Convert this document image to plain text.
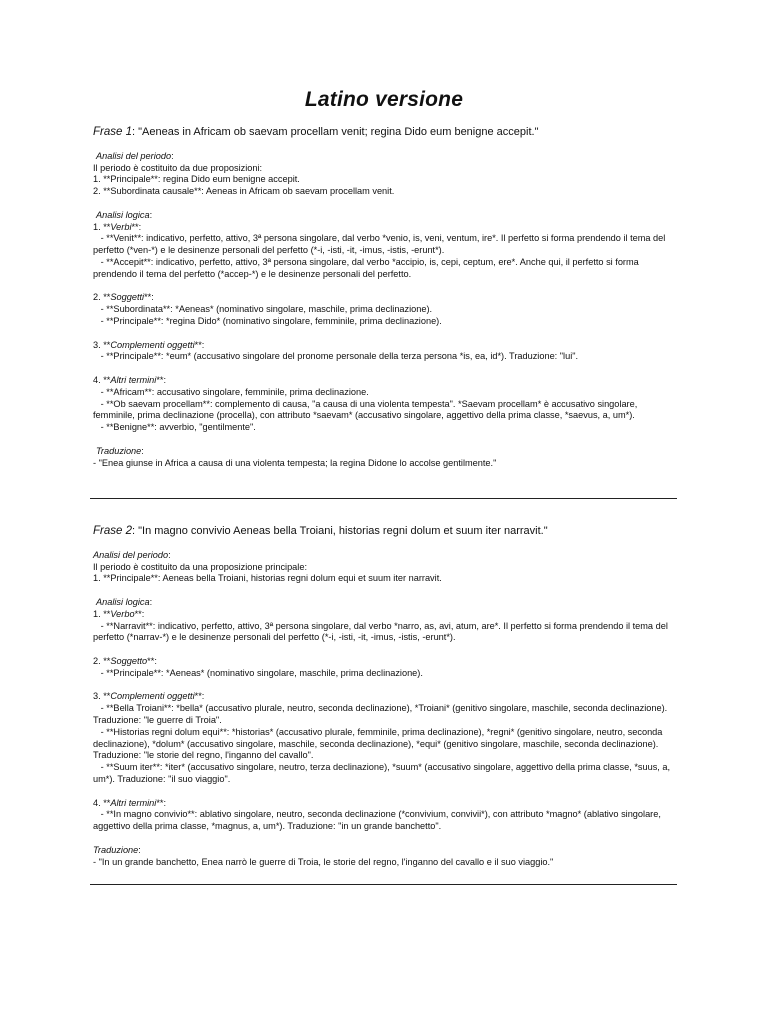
Latino versione
Frase 1: "Aeneas in Africam ob saevam procellam venit; regina Dido eum benigne accepit."
Analisi del periodo:
Il periodo è costituito da due proposizioni:
1. **Principale**: regina Dido eum benigne accepit.
2. **Subordinata causale**: Aeneas in Africam ob saevam procellam venit.
Analisi logica:
1. **Verbi**:
- **Venit**: indicativo, perfetto, attivo, 3ª persona singolare, dal verbo *venio, is, veni, ventum, ire*. Il perfetto si forma prendendo il tema del perfetto (*ven-*) e le desinenze personali del perfetto (*-i, -isti, -it, -imus, -istis, -erunt*).
- **Accepit**: indicativo, perfetto, attivo, 3ª persona singolare, dal verbo *accipio, is, cepi, ceptum, ere*. Anche qui, il perfetto si forma prendendo il tema del perfetto (*accep-*) e le desinenze personali del perfetto.
2. **Soggetti**:
- **Subordinata**: *Aeneas* (nominativo singolare, maschile, prima declinazione).
- **Principale**: *regina Dido* (nominativo singolare, femminile, prima declinazione).
3. **Complementi oggetti**:
- **Principale**: *eum* (accusativo singolare del pronome personale della terza persona *is, ea, id*). Traduzione: "lui".
4. **Altri termini**:
- **Africam**: accusativo singolare, femminile, prima declinazione.
- **Ob saevam procellam**: complemento di causa, "a causa di una violenta tempesta". *Saevam procellam* è accusativo singolare, femminile, prima declinazione (procella), con attributo *saevam* (accusativo singolare, aggettivo della prima classe, *saevus, a, um*).
- **Benigne**: avverbio, "gentilmente".
Traduzione:
- "Enea giunse in Africa a causa di una violenta tempesta; la regina Didone lo accolse gentilmente."
Frase 2: "In magno convivio Aeneas bella Troiani, historias regni dolum et suum iter narravit."
Analisi del periodo:
Il periodo è costituito da una proposizione principale:
1. **Principale**: Aeneas bella Troiani, historias regni dolum equi et suum iter narravit.
Analisi logica:
1. **Verbo**:
- **Narravit**: indicativo, perfetto, attivo, 3ª persona singolare, dal verbo *narro, as, avi, atum, are*. Il perfetto si forma prendendo il tema del perfetto (*narrav-*) e le desinenze personali del perfetto (*-i, -isti, -it, -imus, -istis, -erunt*).
2. **Soggetto**:
- **Principale**: *Aeneas* (nominativo singolare, maschile, prima declinazione).
3. **Complementi oggetti**:
- **Bella Troiani**: *bella* (accusativo plurale, neutro, seconda declinazione), *Troiani* (genitivo singolare, maschile, seconda declinazione). Traduzione: "le guerre di Troia".
- **Historias regni dolum equi**: *historias* (accusativo plurale, femminile, prima declinazione), *regni* (genitivo singolare, neutro, seconda declinazione), *dolum* (accusativo singolare, maschile, seconda declinazione), *equi* (genitivo singolare, maschile, seconda declinazione). Traduzione: "le storie del regno, l'inganno del cavallo".
- **Suum iter**: *iter* (accusativo singolare, neutro, terza declinazione), *suum* (accusativo singolare, aggettivo della prima classe, *suus, a, um*). Traduzione: "il suo viaggio".
4. **Altri termini**:
- **In magno convivio**: ablativo singolare, neutro, seconda declinazione (*convivium, convivii*), con attributo *magno* (ablativo singolare, aggettivo della prima classe, *magnus, a, um*). Traduzione: "in un grande banchetto".
Traduzione:
- "In un grande banchetto, Enea narrò le guerre di Troia, le storie del regno, l'inganno del cavallo e il suo viaggio."
